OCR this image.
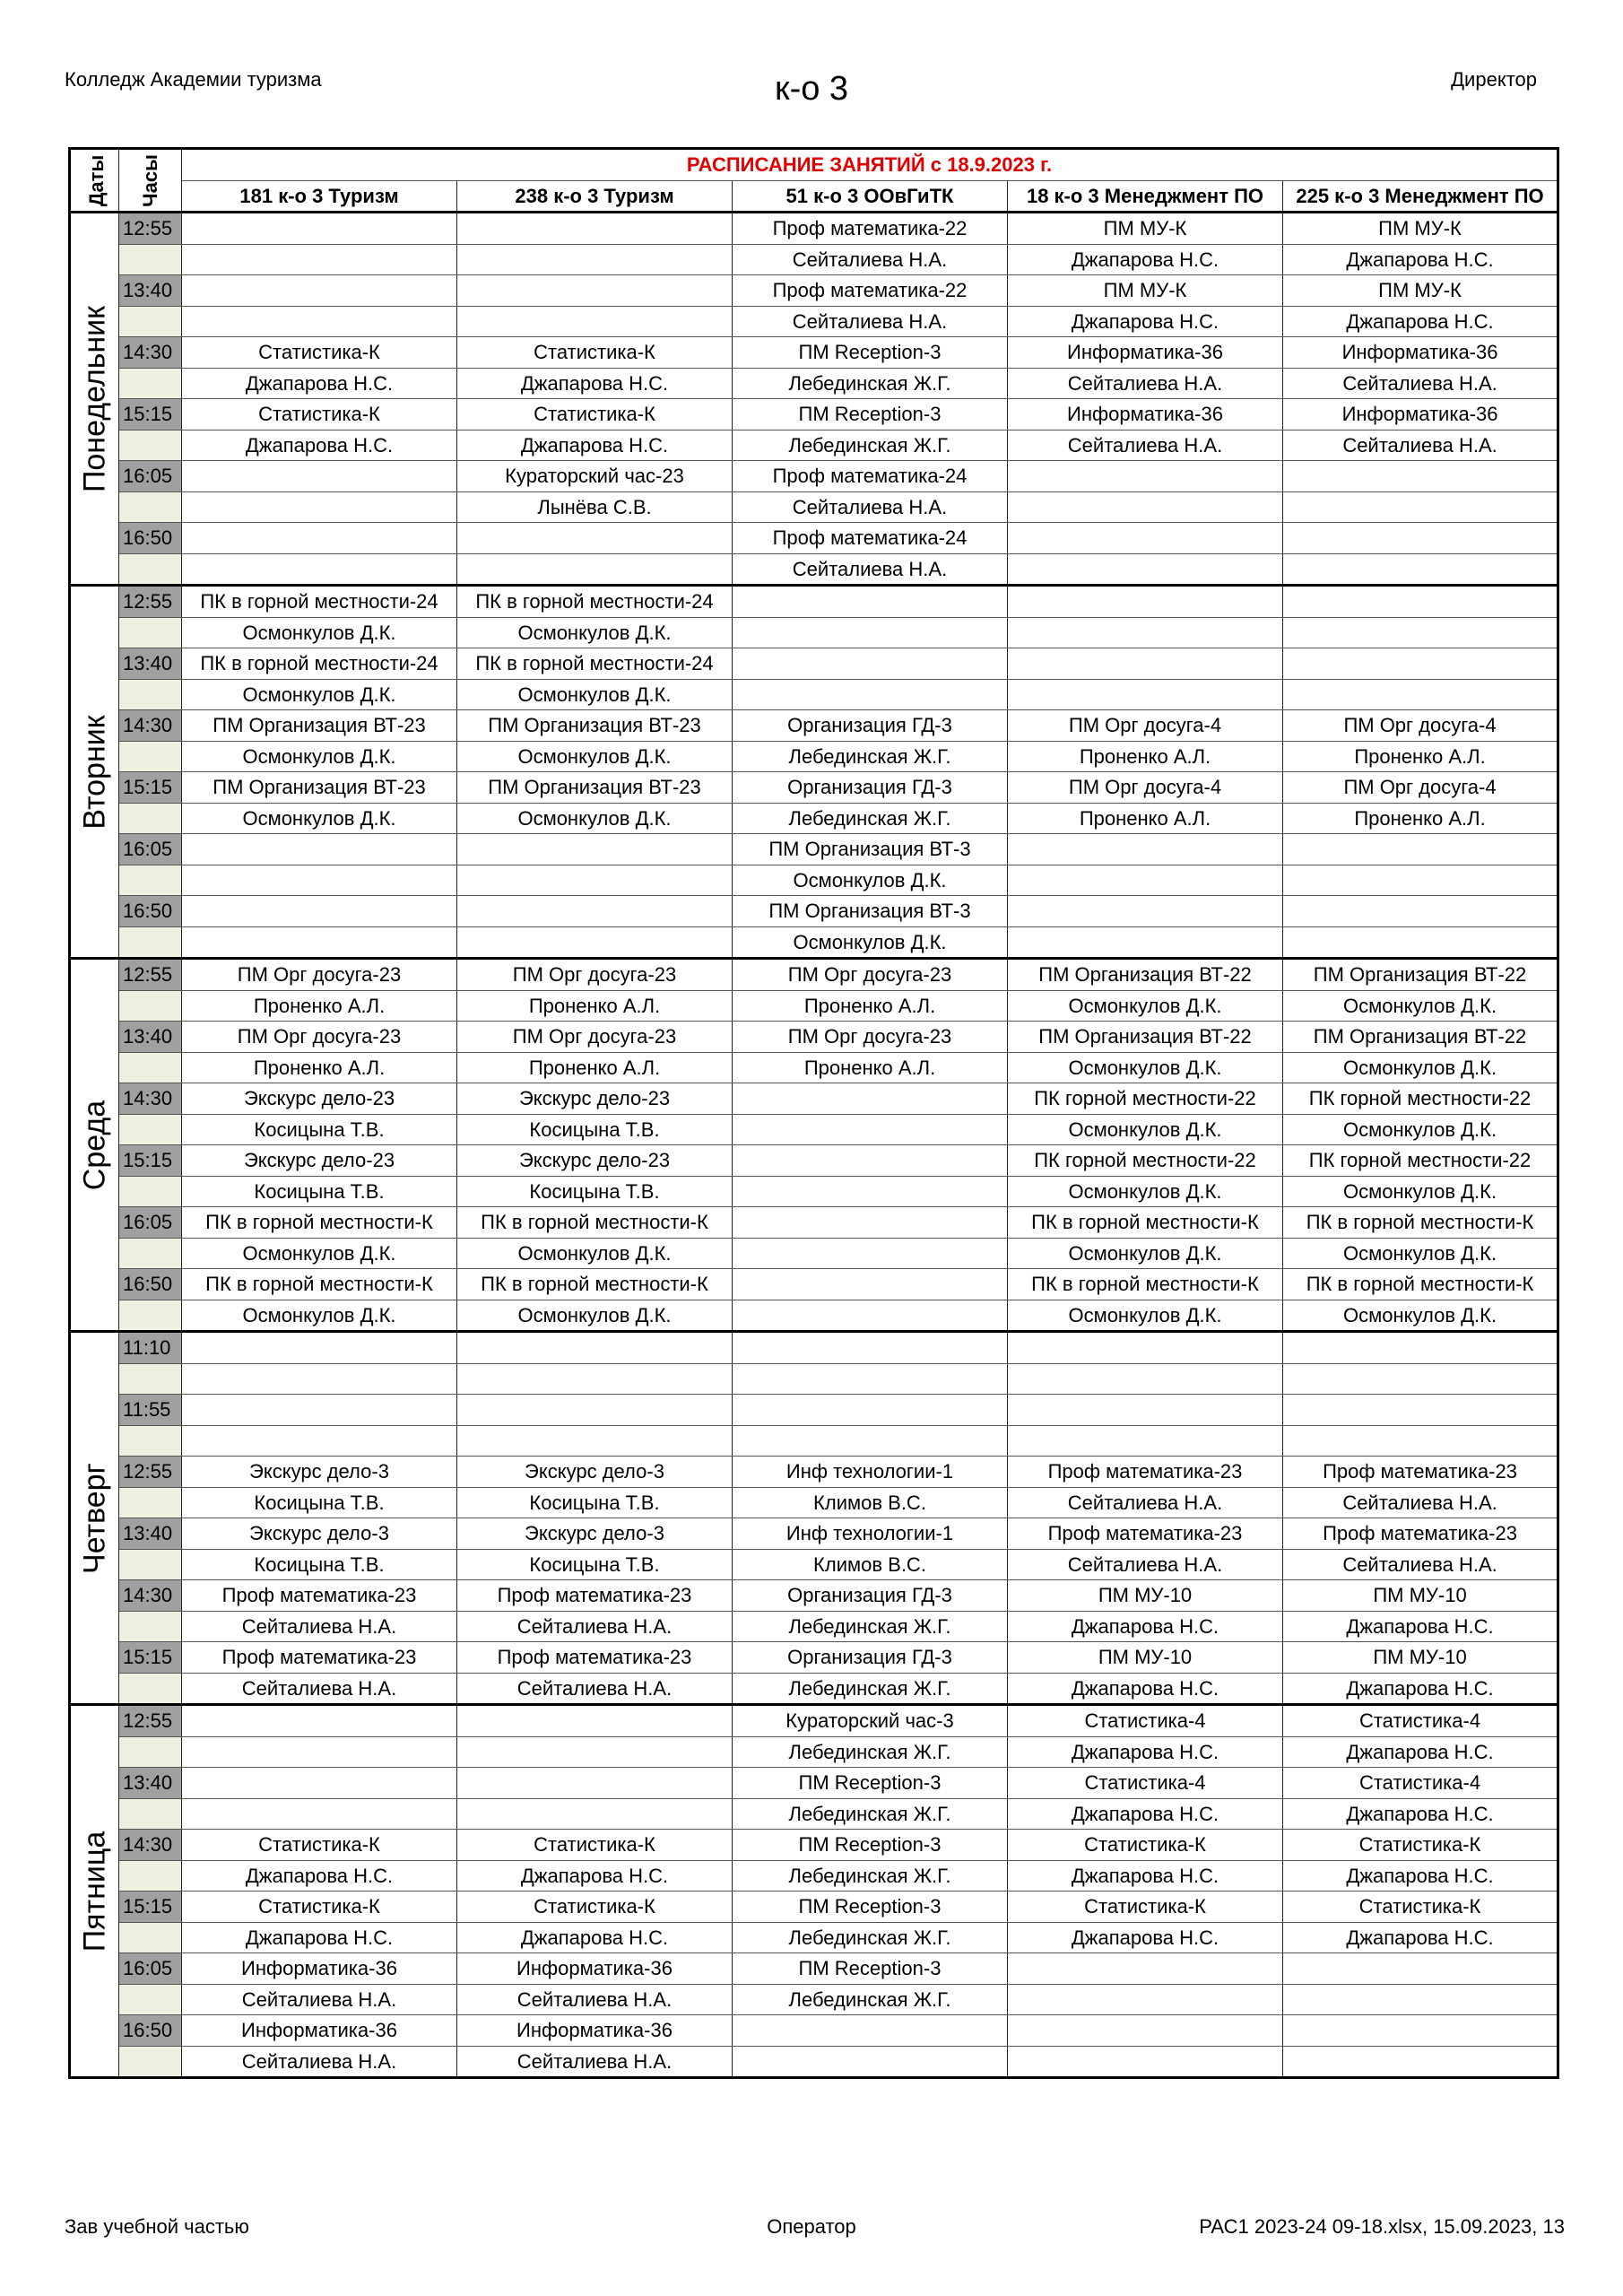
Колледж Академии туризма	к-о 3	Директор
Даты	Часы	РАСПИСАНИЕ ЗАНЯТИЙ с 18.9.2023 г.				
		181 к-о 3 Туризм	238 к-о 3 Туризм	51 к-о 3 ООвГиТК	18 к-о 3 Менеджмент ПО	225 к-о 3 Менеджмент ПО

Понедельник	12:55			Проф математика-22	ПМ МУ-К	ПМ МУ-К
				Сейталиева Н.А.	Джапарова Н.С.	Джапарова Н.С.
	13:40			Проф математика-22	ПМ МУ-К	ПМ МУ-К
				Сейталиева Н.А.	Джапарова Н.С.	Джапарова Н.С.
	14:30	Статистика-К	Статистика-К	ПМ Reception-3	Информатика-36	Информатика-36
		Джапарова Н.С.	Джапарова Н.С.	Лебединская Ж.Г.	Сейталиева Н.А.	Сейталиева Н.А.
	15:15	Статистика-К	Статистика-К	ПМ Reception-3	Информатика-36	Информатика-36
		Джапарова Н.С.	Джапарова Н.С.	Лебединская Ж.Г.	Сейталиева Н.А.	Сейталиева Н.А.
	16:05		Кураторский час-23	Проф математика-24		
			Лынёва С.В.	Сейталиева Н.А.		
	16:50			Проф математика-24		
				Сейталиева Н.А.		

Вторник	12:55	ПК в горной местности-24	ПК в горной местности-24			
		Осмонкулов Д.К.	Осмонкулов Д.К.			
	13:40	ПК в горной местности-24	ПК в горной местности-24			
		Осмонкулов Д.К.	Осмонкулов Д.К.			
	14:30	ПМ Организация ВТ-23	ПМ Организация ВТ-23	Организация ГД-3	ПМ Орг досуга-4	ПМ Орг досуга-4
		Осмонкулов Д.К.	Осмонкулов Д.К.	Лебединская Ж.Г.	Проненко А.Л.	Проненко А.Л.
	15:15	ПМ Организация ВТ-23	ПМ Организация ВТ-23	Организация ГД-3	ПМ Орг досуга-4	ПМ Орг досуга-4
		Осмонкулов Д.К.	Осмонкулов Д.К.	Лебединская Ж.Г.	Проненко А.Л.	Проненко А.Л.
	16:05			ПМ Организация ВТ-3		
				Осмонкулов Д.К.		
	16:50			ПМ Организация ВТ-3		
				Осмонкулов Д.К.		

Среда	12:55	ПМ Орг досуга-23	ПМ Орг досуга-23	ПМ Орг досуга-23	ПМ Организация ВТ-22	ПМ Организация ВТ-22
		Проненко А.Л.	Проненко А.Л.	Проненко А.Л.	Осмонкулов Д.К.	Осмонкулов Д.К.
	13:40	ПМ Орг досуга-23	ПМ Орг досуга-23	ПМ Орг досуга-23	ПМ Организация ВТ-22	ПМ Организация ВТ-22
		Проненко А.Л.	Проненко А.Л.	Проненко А.Л.	Осмонкулов Д.К.	Осмонкулов Д.К.
	14:30	Экскурс дело-23	Экскурс дело-23		ПК горной местности-22	ПК горной местности-22
		Косицына Т.В.	Косицына Т.В.		Осмонкулов Д.К.	Осмонкулов Д.К.
	15:15	Экскурс дело-23	Экскурс дело-23		ПК горной местности-22	ПК горной местности-22
		Косицына Т.В.	Косицына Т.В.		Осмонкулов Д.К.	Осмонкулов Д.К.
	16:05	ПК в горной местности-К	ПК в горной местности-К		ПК в горной местности-К	ПК в горной местности-К
		Осмонкулов Д.К.	Осмонкулов Д.К.		Осмонкулов Д.К.	Осмонкулов Д.К.
	16:50	ПК в горной местности-К	ПК в горной местности-К		ПК в горной местности-К	ПК в горной местности-К
		Осмонкулов Д.К.	Осмонкулов Д.К.		Осмонкулов Д.К.	Осмонкулов Д.К.

Четверг	11:10					

	11:55					

	12:55	Экскурс дело-3	Экскурс дело-3	Инф технологии-1	Проф математика-23	Проф математика-23
		Косицына Т.В.	Косицына Т.В.	Климов В.С.	Сейталиева Н.А.	Сейталиева Н.А.
	13:40	Экскурс дело-3	Экскурс дело-3	Инф технологии-1	Проф математика-23	Проф математика-23
		Косицына Т.В.	Косицына Т.В.	Климов В.С.	Сейталиева Н.А.	Сейталиева Н.А.
	14:30	Проф математика-23	Проф математика-23	Организация ГД-3	ПМ МУ-10	ПМ МУ-10
		Сейталиева Н.А.	Сейталиева Н.А.	Лебединская Ж.Г.	Джапарова Н.С.	Джапарова Н.С.
	15:15	Проф математика-23	Проф математика-23	Организация ГД-3	ПМ МУ-10	ПМ МУ-10
		Сейталиева Н.А.	Сейталиева Н.А.	Лебединская Ж.Г.	Джапарова Н.С.	Джапарова Н.С.

Пятница	12:55			Кураторский час-3	Статистика-4	Статистика-4
				Лебединская Ж.Г.	Джапарова Н.С.	Джапарова Н.С.
	13:40			ПМ Reception-3	Статистика-4	Статистика-4
				Лебединская Ж.Г.	Джапарова Н.С.	Джапарова Н.С.
	14:30	Статистика-К	Статистика-К	ПМ Reception-3	Статистика-К	Статистика-К
		Джапарова Н.С.	Джапарова Н.С.	Лебединская Ж.Г.	Джапарова Н.С.	Джапарова Н.С.
	15:15	Статистика-К	Статистика-К	ПМ Reception-3	Статистика-К	Статистика-К
		Джапарова Н.С.	Джапарова Н.С.	Лебединская Ж.Г.	Джапарова Н.С.	Джапарова Н.С.
	16:05	Информатика-36	Информатика-36	ПМ Reception-3		
		Сейталиева Н.А.	Сейталиева Н.А.	Лебединская Ж.Г.		
	16:50	Информатика-36	Информатика-36			
		Сейталиева Н.А.	Сейталиева Н.А.			
Зав учебной частью	Оператор	РАС1 2023-24 09-18.xlsx, 15.09.2023, 13
